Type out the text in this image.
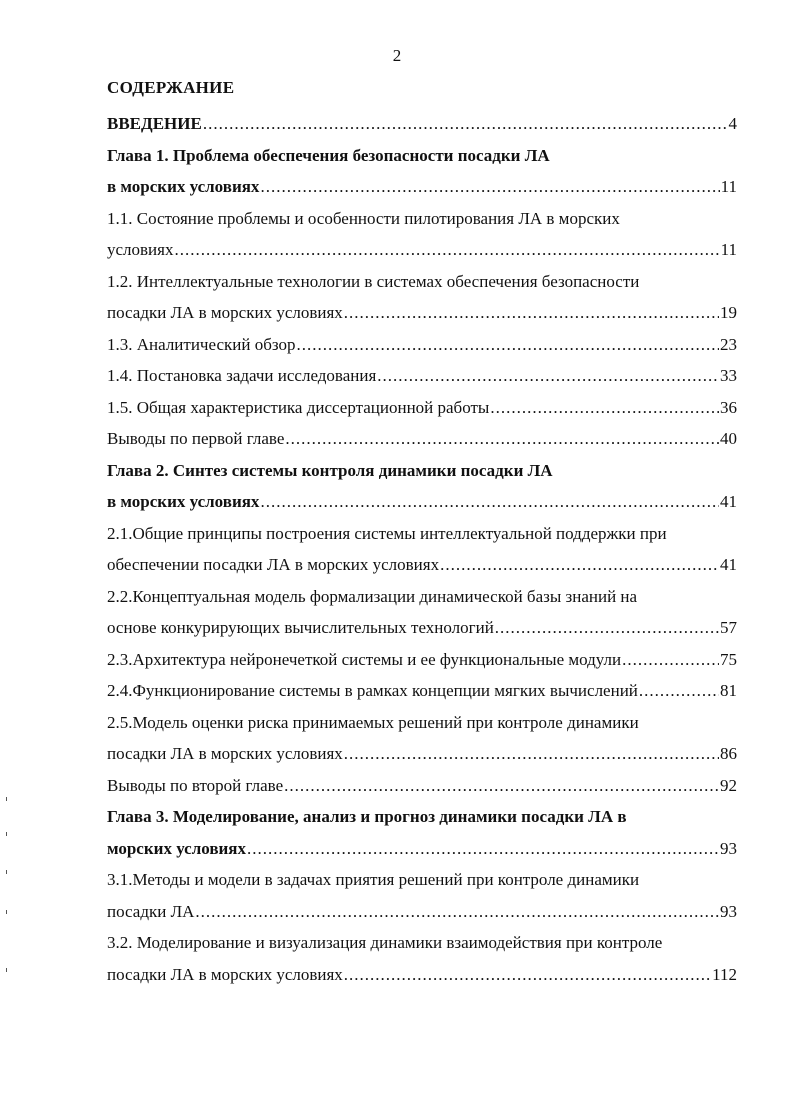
2
СОДЕРЖАНИЕ
ВВЕДЕНИЕ .....	4
Глава 1. Проблема обеспечения безопасности посадки ЛА
в морских условиях .....	11
1.1. Состояние проблемы и особенности пилотирования ЛА в морских
условиях .....	11
1.2. Интеллектуальные технологии в системах обеспечения безопасности
посадки ЛА в морских условиях .....	19
1.3. Аналитический обзор .....	23
1.4. Постановка задачи исследования .....	33
1.5. Общая характеристика диссертационной работы .....	36
Выводы по первой главе .....	40
Глава 2. Синтез системы контроля динамики посадки ЛА
в морских условиях .....	41
2.1.Общие принципы построения системы интеллектуальной поддержки при
обеспечении посадки ЛА в морских условиях .....	41
2.2.Концептуальная модель формализации динамической базы знаний на
основе конкурирующих вычислительных технологий .....	57
2.3.Архитектура нейронечеткой системы и ее функциональные модули .....	75
2.4.Функционирование системы в рамках концепции мягких вычислений .....	81
2.5.Модель оценки риска принимаемых решений при контроле динамики
посадки ЛА в морских условиях .....	86
Выводы по второй главе .....	92
Глава 3. Моделирование, анализ и прогноз динамики посадки ЛА в
морских условиях .....	93
3.1.Методы и модели в задачах приятия решений при контроле динамики
посадки ЛА .....	93
3.2. Моделирование и визуализация динамики взаимодействия при контроле
посадки ЛА в морских условиях .....	112
